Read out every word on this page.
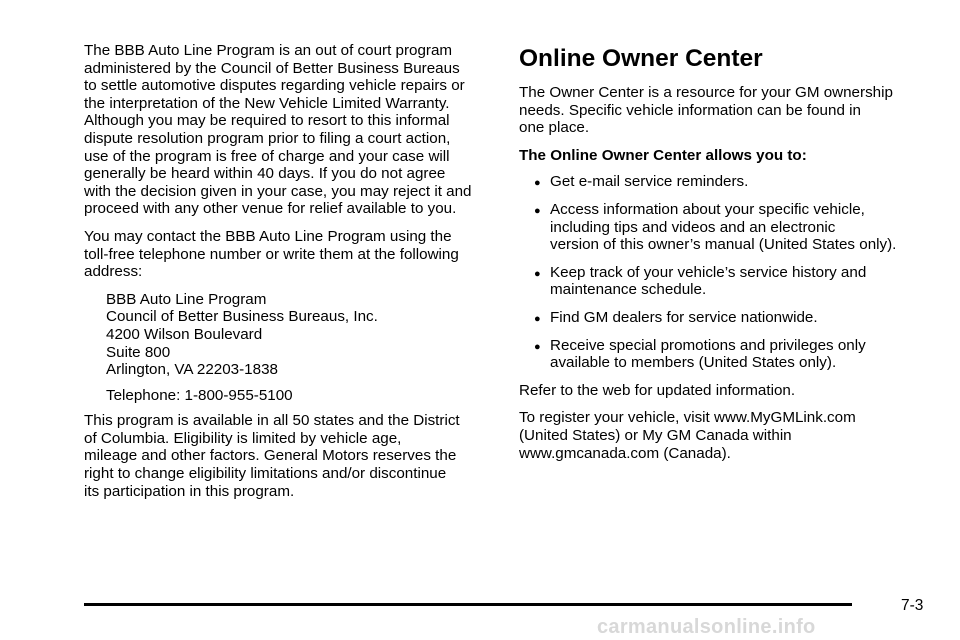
The BBB Auto Line Program is an out of court program
administered by the Council of Better Business Bureaus
to settle automotive disputes regarding vehicle repairs or
the interpretation of the New Vehicle Limited Warranty.
Although you may be required to resort to this informal
dispute resolution program prior to filing a court action,
use of the program is free of charge and your case will
generally be heard within 40 days. If you do not agree
with the decision given in your case, you may reject it and
proceed with any other venue for relief available to you.

You may contact the BBB Auto Line Program using the
toll-free telephone number or write them at the following
address:

BBB Auto Line Program
Council of Better Business Bureaus, Inc.
4200 Wilson Boulevard
Suite 800
Arlington, VA 22203-1838
Telephone: 1-800-955-5100

This program is available in all 50 states and the District
of Columbia. Eligibility is limited by vehicle age,
mileage and other factors. General Motors reserves the
right to change eligibility limitations and/or discontinue
its participation in this program.

Online Owner Center

The Owner Center is a resource for your GM ownership
needs. Specific vehicle information can be found in
one place.

The Online Owner Center allows you to:
● Get e-mail service reminders.
● Access information about your specific vehicle,
including tips and videos and an electronic
version of this owner’s manual (United States only).
● Keep track of your vehicle’s service history and
maintenance schedule.
● Find GM dealers for service nationwide.
● Receive special promotions and privileges only
available to members (United States only).

Refer to the web for updated information.

To register your vehicle, visit www.MyGMLink.com
(United States) or My GM Canada within
www.gmcanada.com (Canada).

7-3
carmanualsonline.info
